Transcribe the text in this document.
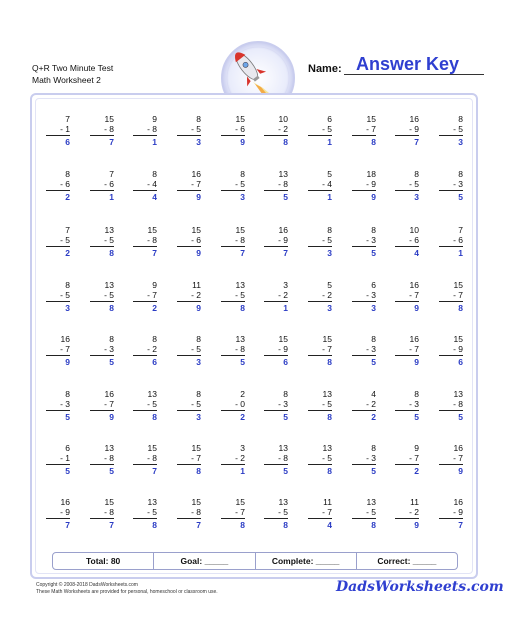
Q+R Two Minute Test
Math Worksheet 2
Name: Answer Key
7
- 1
6
15
- 8
7
9
- 8
1
8
- 5
3
15
- 6
9
10
- 2
8
6
- 5
1
15
- 7
8
16
- 9
7
8
- 5
3
8
- 6
2
7
- 6
1
8
- 4
4
16
- 7
9
8
- 5
3
13
- 8
5
5
- 4
1
18
- 9
9
8
- 5
3
8
- 3
5
7
- 5
2
13
- 5
8
15
- 8
7
15
- 6
9
15
- 8
7
16
- 9
7
8
- 5
3
8
- 3
5
10
- 6
4
7
- 6
1
8
- 5
3
13
- 5
8
9
- 7
2
11
- 2
9
13
- 5
8
3
- 2
1
5
- 2
3
6
- 3
3
16
- 7
9
15
- 7
8
16
- 7
9
8
- 3
5
8
- 2
6
8
- 5
3
13
- 8
5
15
- 9
6
15
- 7
8
8
- 3
5
16
- 7
9
15
- 9
6
8
- 3
5
16
- 7
9
13
- 5
8
8
- 5
3
2
- 0
2
8
- 3
5
13
- 5
8
4
- 2
2
8
- 3
5
13
- 8
5
6
- 1
5
13
- 8
5
15
- 8
7
15
- 7
8
3
- 2
1
13
- 8
5
13
- 5
8
8
- 3
5
9
- 7
2
16
- 7
9
16
- 9
7
15
- 8
7
13
- 5
8
15
- 8
7
15
- 7
8
13
- 5
8
11
- 7
4
13
- 5
8
11
- 2
9
16
- 9
7
Total: 80	Goal: _____	Complete: _____	Correct: _____
Copyright © 2008-2018 DadsWorksheets.com
These Math Worksheets are provided for personal, homeschool or classroom use.	DadsWorksheets.com
